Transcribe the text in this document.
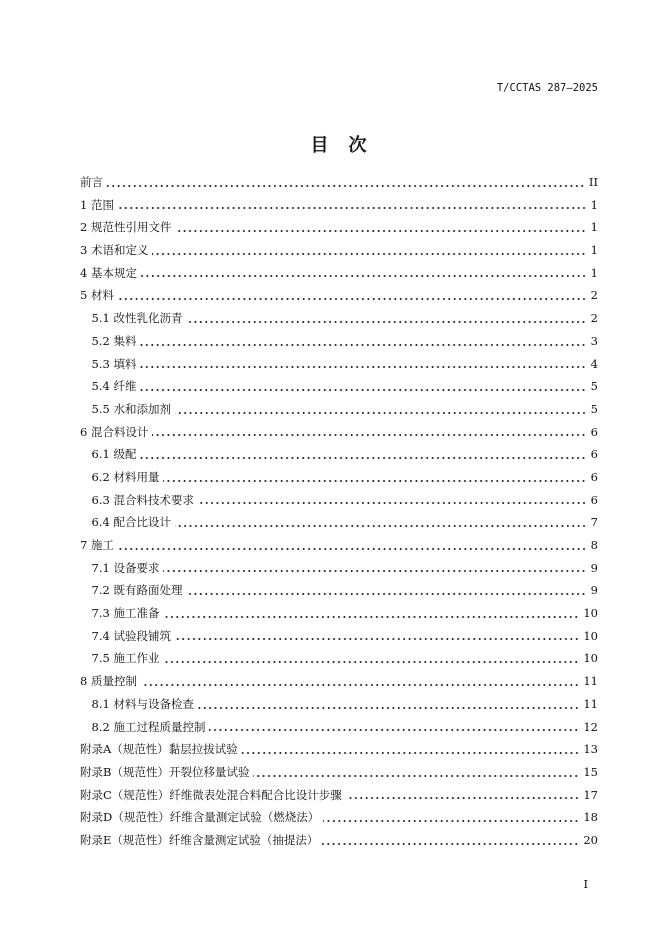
T/CCTAS 287—2025
目　次
前言	II
1 范围	1
2 规范性引用文件	1
3 术语和定义	1
4 基本规定	1
5 材料	2
5.1 改性乳化沥青	2
5.2 集料	3
5.3 填料	4
5.4 纤维	5
5.5 水和添加剂	5
6 混合料设计	6
6.1 级配	6
6.2 材料用量	6
6.3 混合料技术要求	6
6.4 配合比设计	7
7 施工	8
7.1 设备要求	9
7.2 既有路面处理	9
7.3 施工准备	10
7.4 试验段铺筑	10
7.5 施工作业	10
8 质量控制	11
8.1 材料与设备检查	11
8.2 施工过程质量控制	12
附录A（规范性）黏层拉拔试验	13
附录B（规范性）开裂位移量试验	15
附录C（规范性）纤维微表处混合料配合比设计步骤	17
附录D（规范性）纤维含量测定试验（燃烧法）	18
附录E（规范性）纤维含量测定试验（抽提法）	20
I
